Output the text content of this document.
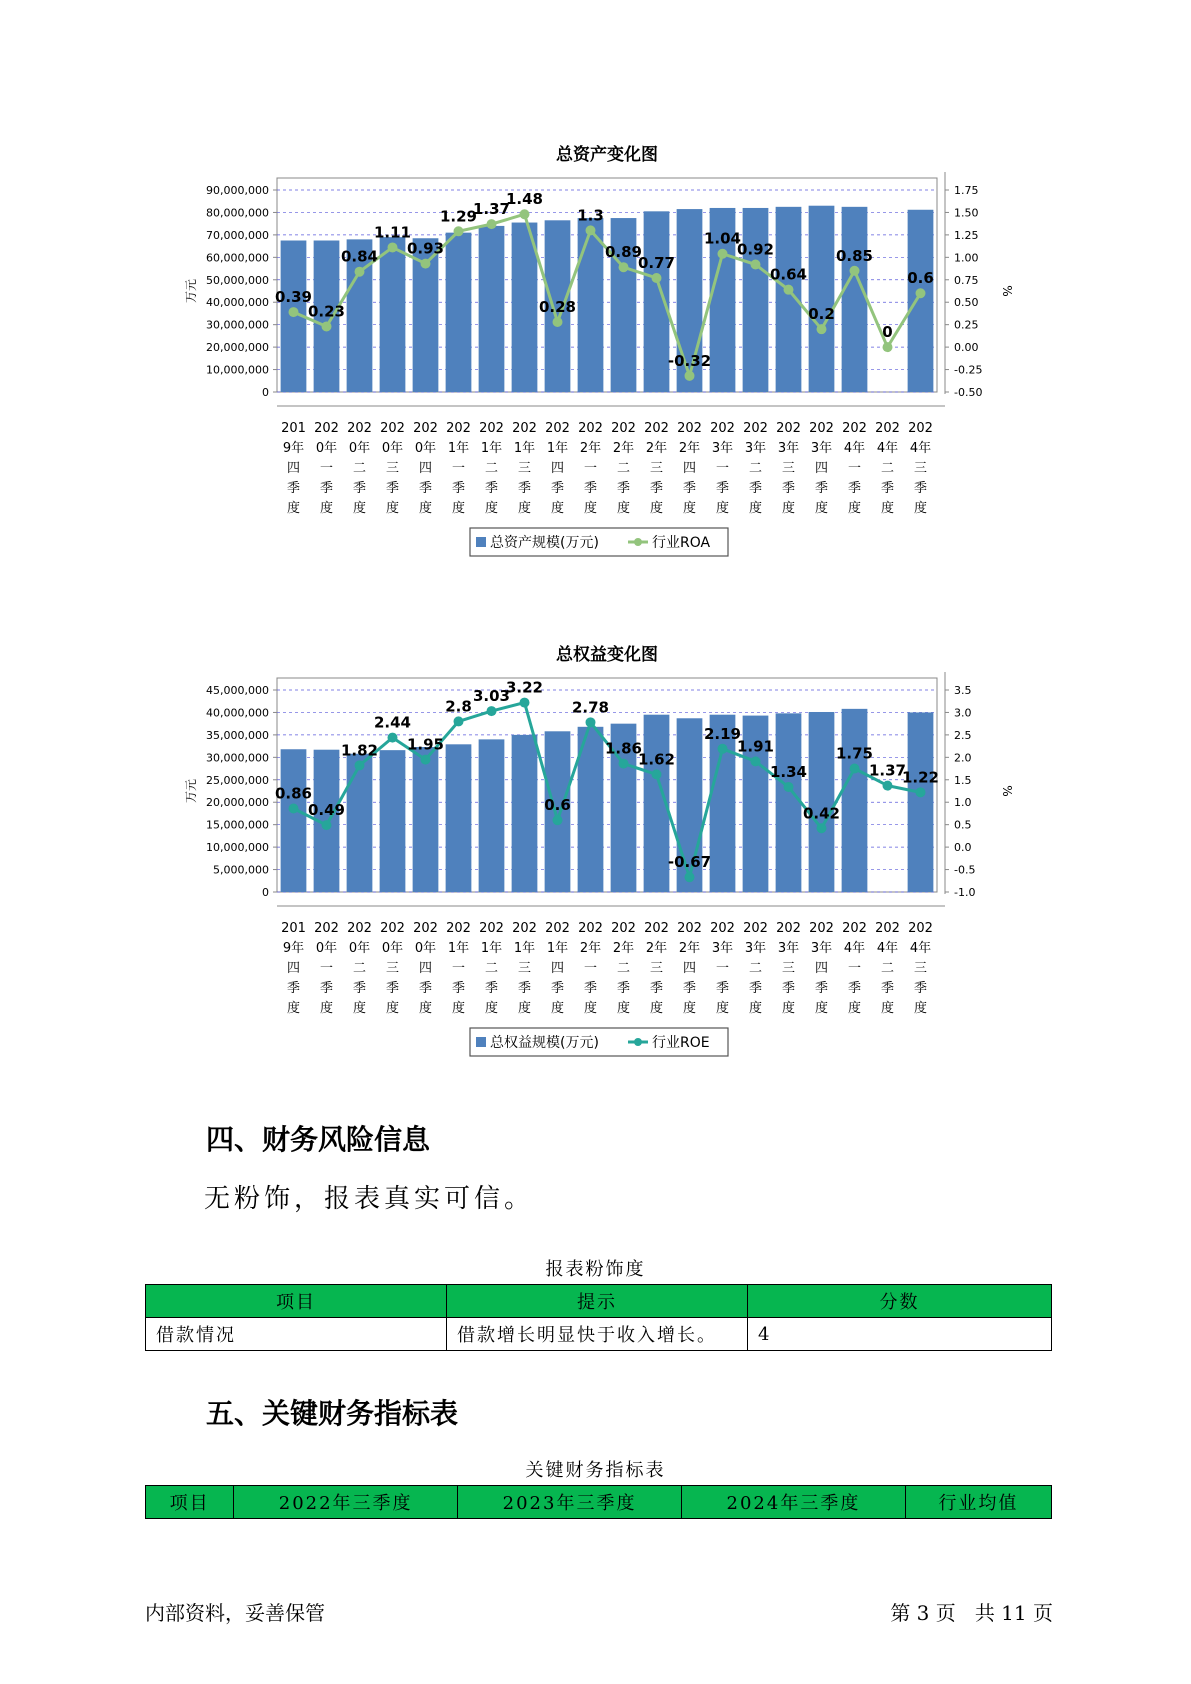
总资产变化图
0
10,000,000
20,000,000
30,000,000
40,000,000
50,000,000
60,000,000
70,000,000
80,000,000
90,000,000
-0.50
-0.25
0.00
0.25
0.50
0.75
1.00
1.25
1.50
1.75
万元	%
0.39
0.23
0.84
1.11
0.93
1.29
1.37
1.48
0.28
1.3
0.89
0.77
-0.32
1.04
0.92
0.64
0.2
0.85
0
0.6
201 9年四季度
202 0年一季度
202 0年二季度
202 0年三季度
202 0年四季度
202 1年一季度
202 1年二季度
202 1年三季度
202 1年四季度
202 2年一季度
202 2年二季度
202 2年三季度
202 2年四季度
202 3年一季度
202 3年二季度
202 3年三季度
202 3年四季度
202 4年一季度
202 4年二季度
202 4年三季度
总资产规模(万元)	行业ROA
总权益变化图
0
5,000,000
10,000,000
15,000,000
20,000,000
25,000,000
30,000,000
35,000,000
40,000,000
45,000,000
-1.0
-0.5
0.0
0.5
1.0
1.5
2.0
2.5
3.0
3.5
万元	%
0.86
0.49
1.82
2.44
1.95
2.8
3.03
3.22
0.6
2.78
1.86
1.62
-0.67
2.19
1.91
1.34
0.42
1.75
1.37
1.22
201 9年四季度
202 0年一季度
202 0年二季度
202 0年三季度
202 0年四季度
202 1年一季度
202 1年二季度
202 1年三季度
202 1年四季度
202 2年一季度
202 2年二季度
202 2年三季度
202 2年四季度
202 3年一季度
202 3年二季度
202 3年三季度
202 3年四季度
202 4年一季度
202 4年二季度
202 4年三季度
总权益规模(万元)	行业ROE
四、财务风险信息

无粉饰，报表真实可信。

报表粉饰度
项目	提示	分数
借款情况	借款增长明显快于收入增长。	4
五、关键财务指标表
关键财务指标表
项目	2022年三季度	2023年三季度	2024年三季度	行业均值
内部资料，妥善保管	第 3 页   共 11 页
